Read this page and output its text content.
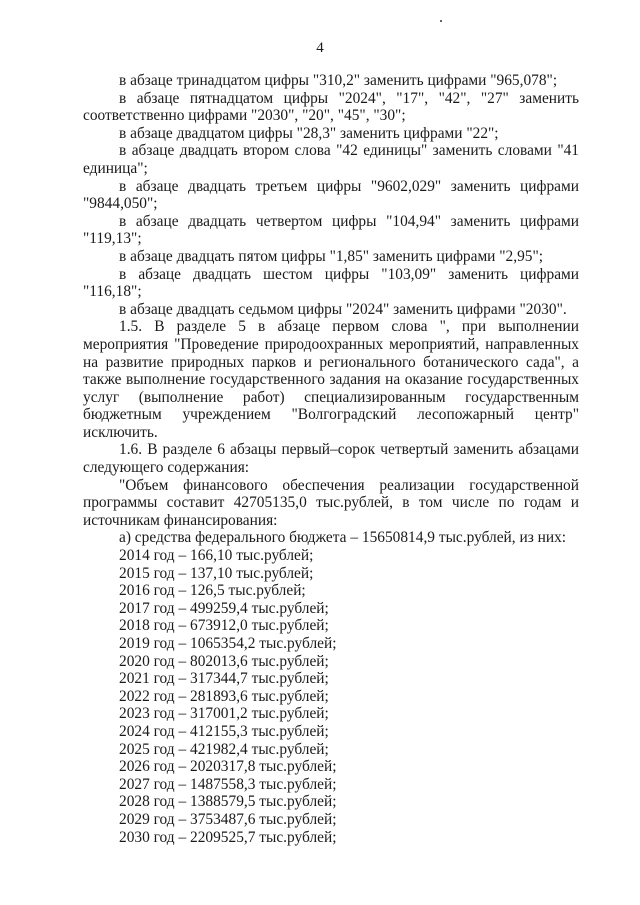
4

в абзаце тринадцатом цифры "310,2" заменить цифрами "965,078";

в абзаце пятнадцатом цифры "2024", "17", "42", "27" заменить соответственно цифрами "2030", "20", "45", "30";

в абзаце двадцатом цифры "28,3" заменить цифрами "22";

в абзаце двадцать втором слова "42 единицы" заменить словами "41 единица";

в абзаце двадцать третьем цифры "9602,029" заменить цифрами "9844,050";

в абзаце двадцать четвертом цифры "104,94" заменить цифрами "119,13";

в абзаце двадцать пятом цифры "1,85" заменить цифрами "2,95";

в абзаце двадцать шестом цифры "103,09" заменить цифрами "116,18";

в абзаце двадцать седьмом цифры "2024" заменить цифрами "2030".

1.5. В разделе 5 в абзаце первом слова ", при выполнении мероприятия "Проведение природоохранных мероприятий, направленных на развитие природных парков и регионального ботанического сада", а также выполнение государственного задания на оказание государственных услуг (выполнение работ) специализированным государственным бюджетным учреждением "Волгоградский лесопожарный центр" исключить.

1.6. В разделе 6 абзацы первый–сорок четвертый заменить абзацами следующего содержания:

"Объем финансового обеспечения реализации государственной программы составит 42705135,0 тыс.рублей, в том числе по годам и источникам финансирования:

а) средства федерального бюджета – 15650814,9 тыс.рублей, из них:

2014 год – 166,10 тыс.рублей;

2015 год – 137,10 тыс.рублей;

2016 год – 126,5 тыс.рублей;

2017 год – 499259,4 тыс.рублей;

2018 год – 673912,0 тыс.рублей;

2019 год – 1065354,2 тыс.рублей;

2020 год – 802013,6 тыс.рублей;

2021 год – 317344,7 тыс.рублей;

2022 год – 281893,6 тыс.рублей;

2023 год – 317001,2 тыс.рублей;

2024 год – 412155,3 тыс.рублей;

2025 год – 421982,4 тыс.рублей;

2026 год – 2020317,8 тыс.рублей;

2027 год – 1487558,3 тыс.рублей;

2028 год – 1388579,5 тыс.рублей;

2029 год – 3753487,6 тыс.рублей;

2030 год – 2209525,7 тыс.рублей;
